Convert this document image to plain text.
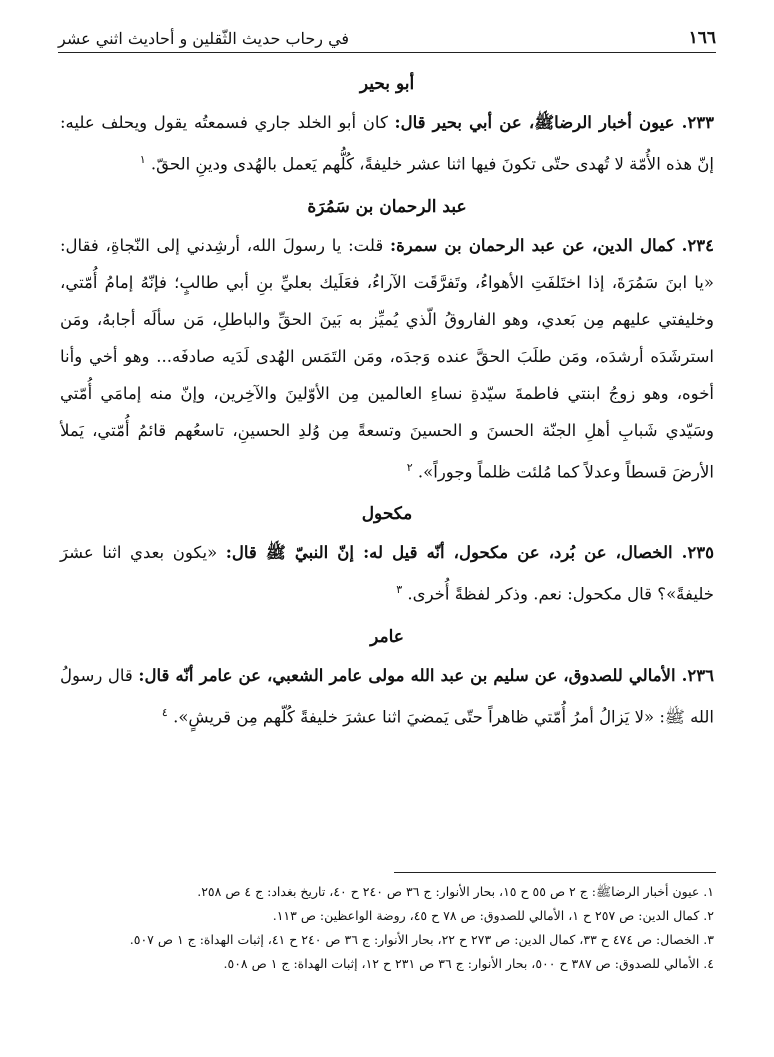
١٦٦
في رحاب حديث الثّقلين و أحاديث اثني عشر
أبو بحير

٢٣٣. عيون أخبار الرضاﷺ، عن أبي بحير قال: كان أبو الخلد جاري فسمعتُه يقول ويحلف عليه: إنّ هذه الأُمّة لا تُهدى حتّى تكونَ فيها اثنا عشر خليفةً، كُلُّهم يَعمل بالهُدى ودينِ الحقّ. $^١$

عبد الرحمان بن سَمُرَة

٢٣٤. كمال الدين، عن عبد الرحمان بن سمرة: قلت: يا رسولَ الله، أرشِدني إلى النّجاةِ، فقال: «يا ابنَ سَمُرَةَ، إذا اختَلفَتِ الأهواءُ، وتَفرَّقَت الآراءُ، فعَلَيك بعليِّ بنِ أبي طالبٍ؛ فإنّهُ إمامُ أُمّتي، وخليفتي عليهم مِن بَعدي، وهو الفاروقُ الّذي يُميِّز به بَينَ الحقِّ والباطلِ، مَن سألَه أجابهُ، ومَن استرشَدَه أرشدَه، ومَن طلَبَ الحقَّ عنده وَجدَه، ومَن التَمَس الهُدى لَدَيه صادفَه... وهو أخي وأنا أخوه، وهو زوجُ ابنتي فاطمةَ سيّدةِ نساءِ العالمين مِن الأوّلينَ والآخِرين، وإنّ منه إمامَي أُمّتي وسَيّدي شَبابِ أهلِ الجنّة الحسنَ و الحسينَ وتسعةً مِن وُلدِ الحسينِ، تاسعُهم قائمُ أُمّتي، يَملأ الأرضَ قسطاً وعدلاً كما مُلئت ظلماً وجوراً». $^٢$

مكحول

٢٣٥. الخصال، عن بُرد، عن مكحول، أنّه قيل له: إنّ النبيّ ﷺ قال: «يكون بعدي اثنا عشرَ خليفةً»؟ قال مكحول: نعم. وذكر لفظةً أُخرى. $^٣$

عامر

٢٣٦. الأمالي للصدوق، عن سليم بن عبد الله مولى عامر الشعبي، عن عامر أنّه قال: قال رسولُ الله ﷺ: «لا يَزالُ أمرُ أُمّتي ظاهراً حتّى يَمضيَ اثنا عشرَ خليفةً كُلّهم مِن قريشٍ». $^٤$

١. عيون أخبار الرضاﷺ: ج ٢ ص ٥٥ ح ١٥، بحار الأنوار: ج ٣٦ ص ٢٤٠ ح ٤٠، تاريخ بغداد: ج ٤ ص ٢٥٨.

٢. كمال الدين: ص ٢٥٧ ح ١، الأمالي للصدوق: ص ٧٨ ح ٤٥، روضة الواعظين: ص ١١٣.

٣. الخصال: ص ٤٧٤ ح ٣٣، كمال الدين: ص ٢٧٣ ح ٢٢، بحار الأنوار: ج ٣٦ ص ٢٤٠ ح ٤١، إثبات الهداة: ج ١ ص ٥٠٧.

٤. الأمالي للصدوق: ص ٣٨٧ ح ٥٠٠، بحار الأنوار: ج ٣٦ ص ٢٣١ ح ١٢، إثبات الهداة: ج ١ ص ٥٠٨.
